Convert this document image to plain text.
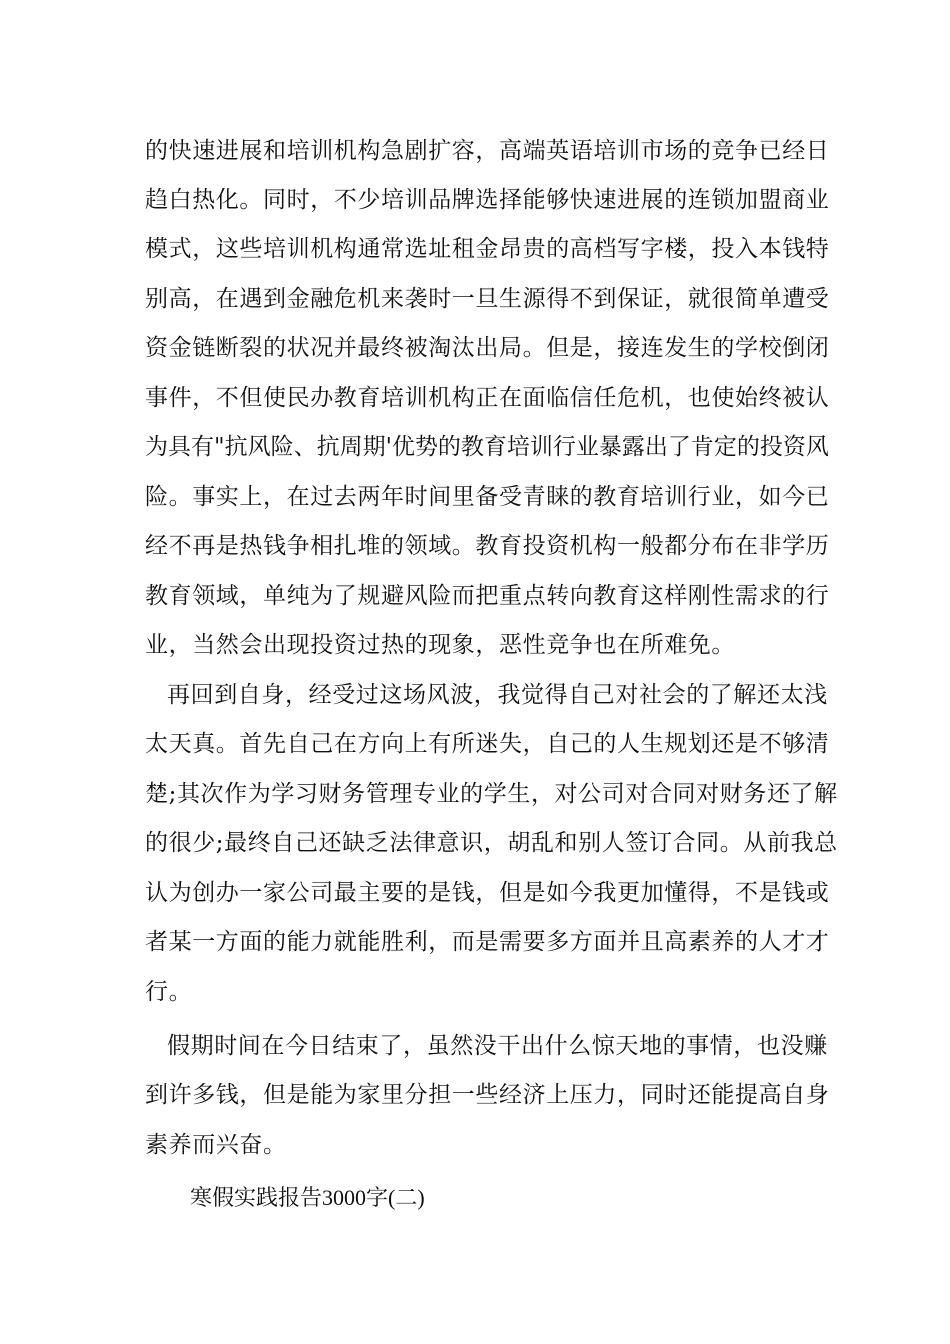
的快速进展和培训机构急剧扩容，高端英语培训市场的竞争已经日
趋白热化。同时，不少培训品牌选择能够快速进展的连锁加盟商业
模式，这些培训机构通常选址租金昂贵的高档写字楼，投入本钱特
别高，在遇到金融危机来袭时一旦生源得不到保证，就很简单遭受
资金链断裂的状况并最终被淘汰出局。但是，接连发生的学校倒闭
事件，不但使民办教育培训机构正在面临信任危机，也使始终被认
为具有"抗风险、抗周期'优势的教育培训行业暴露出了肯定的投资风
险。事实上，在过去两年时间里备受青睐的教育培训行业，如今已
经不再是热钱争相扎堆的领域。教育投资机构一般都分布在非学历
教育领域，单纯为了规避风险而把重点转向教育这样刚性需求的行
业，当然会出现投资过热的现象，恶性竞争也在所难免。
再回到自身，经受过这场风波，我觉得自己对社会的了解还太浅
太天真。首先自己在方向上有所迷失，自己的人生规划还是不够清
楚;其次作为学习财务管理专业的学生，对公司对合同对财务还了解
的很少;最终自己还缺乏法律意识，胡乱和别人签订合同。从前我总
认为创办一家公司最主要的是钱，但是如今我更加懂得，不是钱或
者某一方面的能力就能胜利，而是需要多方面并且高素养的人才才
行。
假期时间在今日结束了，虽然没干出什么惊天地的事情，也没赚
到许多钱，但是能为家里分担一些经济上压力，同时还能提高自身
素养而兴奋。
寒假实践报告3000字(二)
